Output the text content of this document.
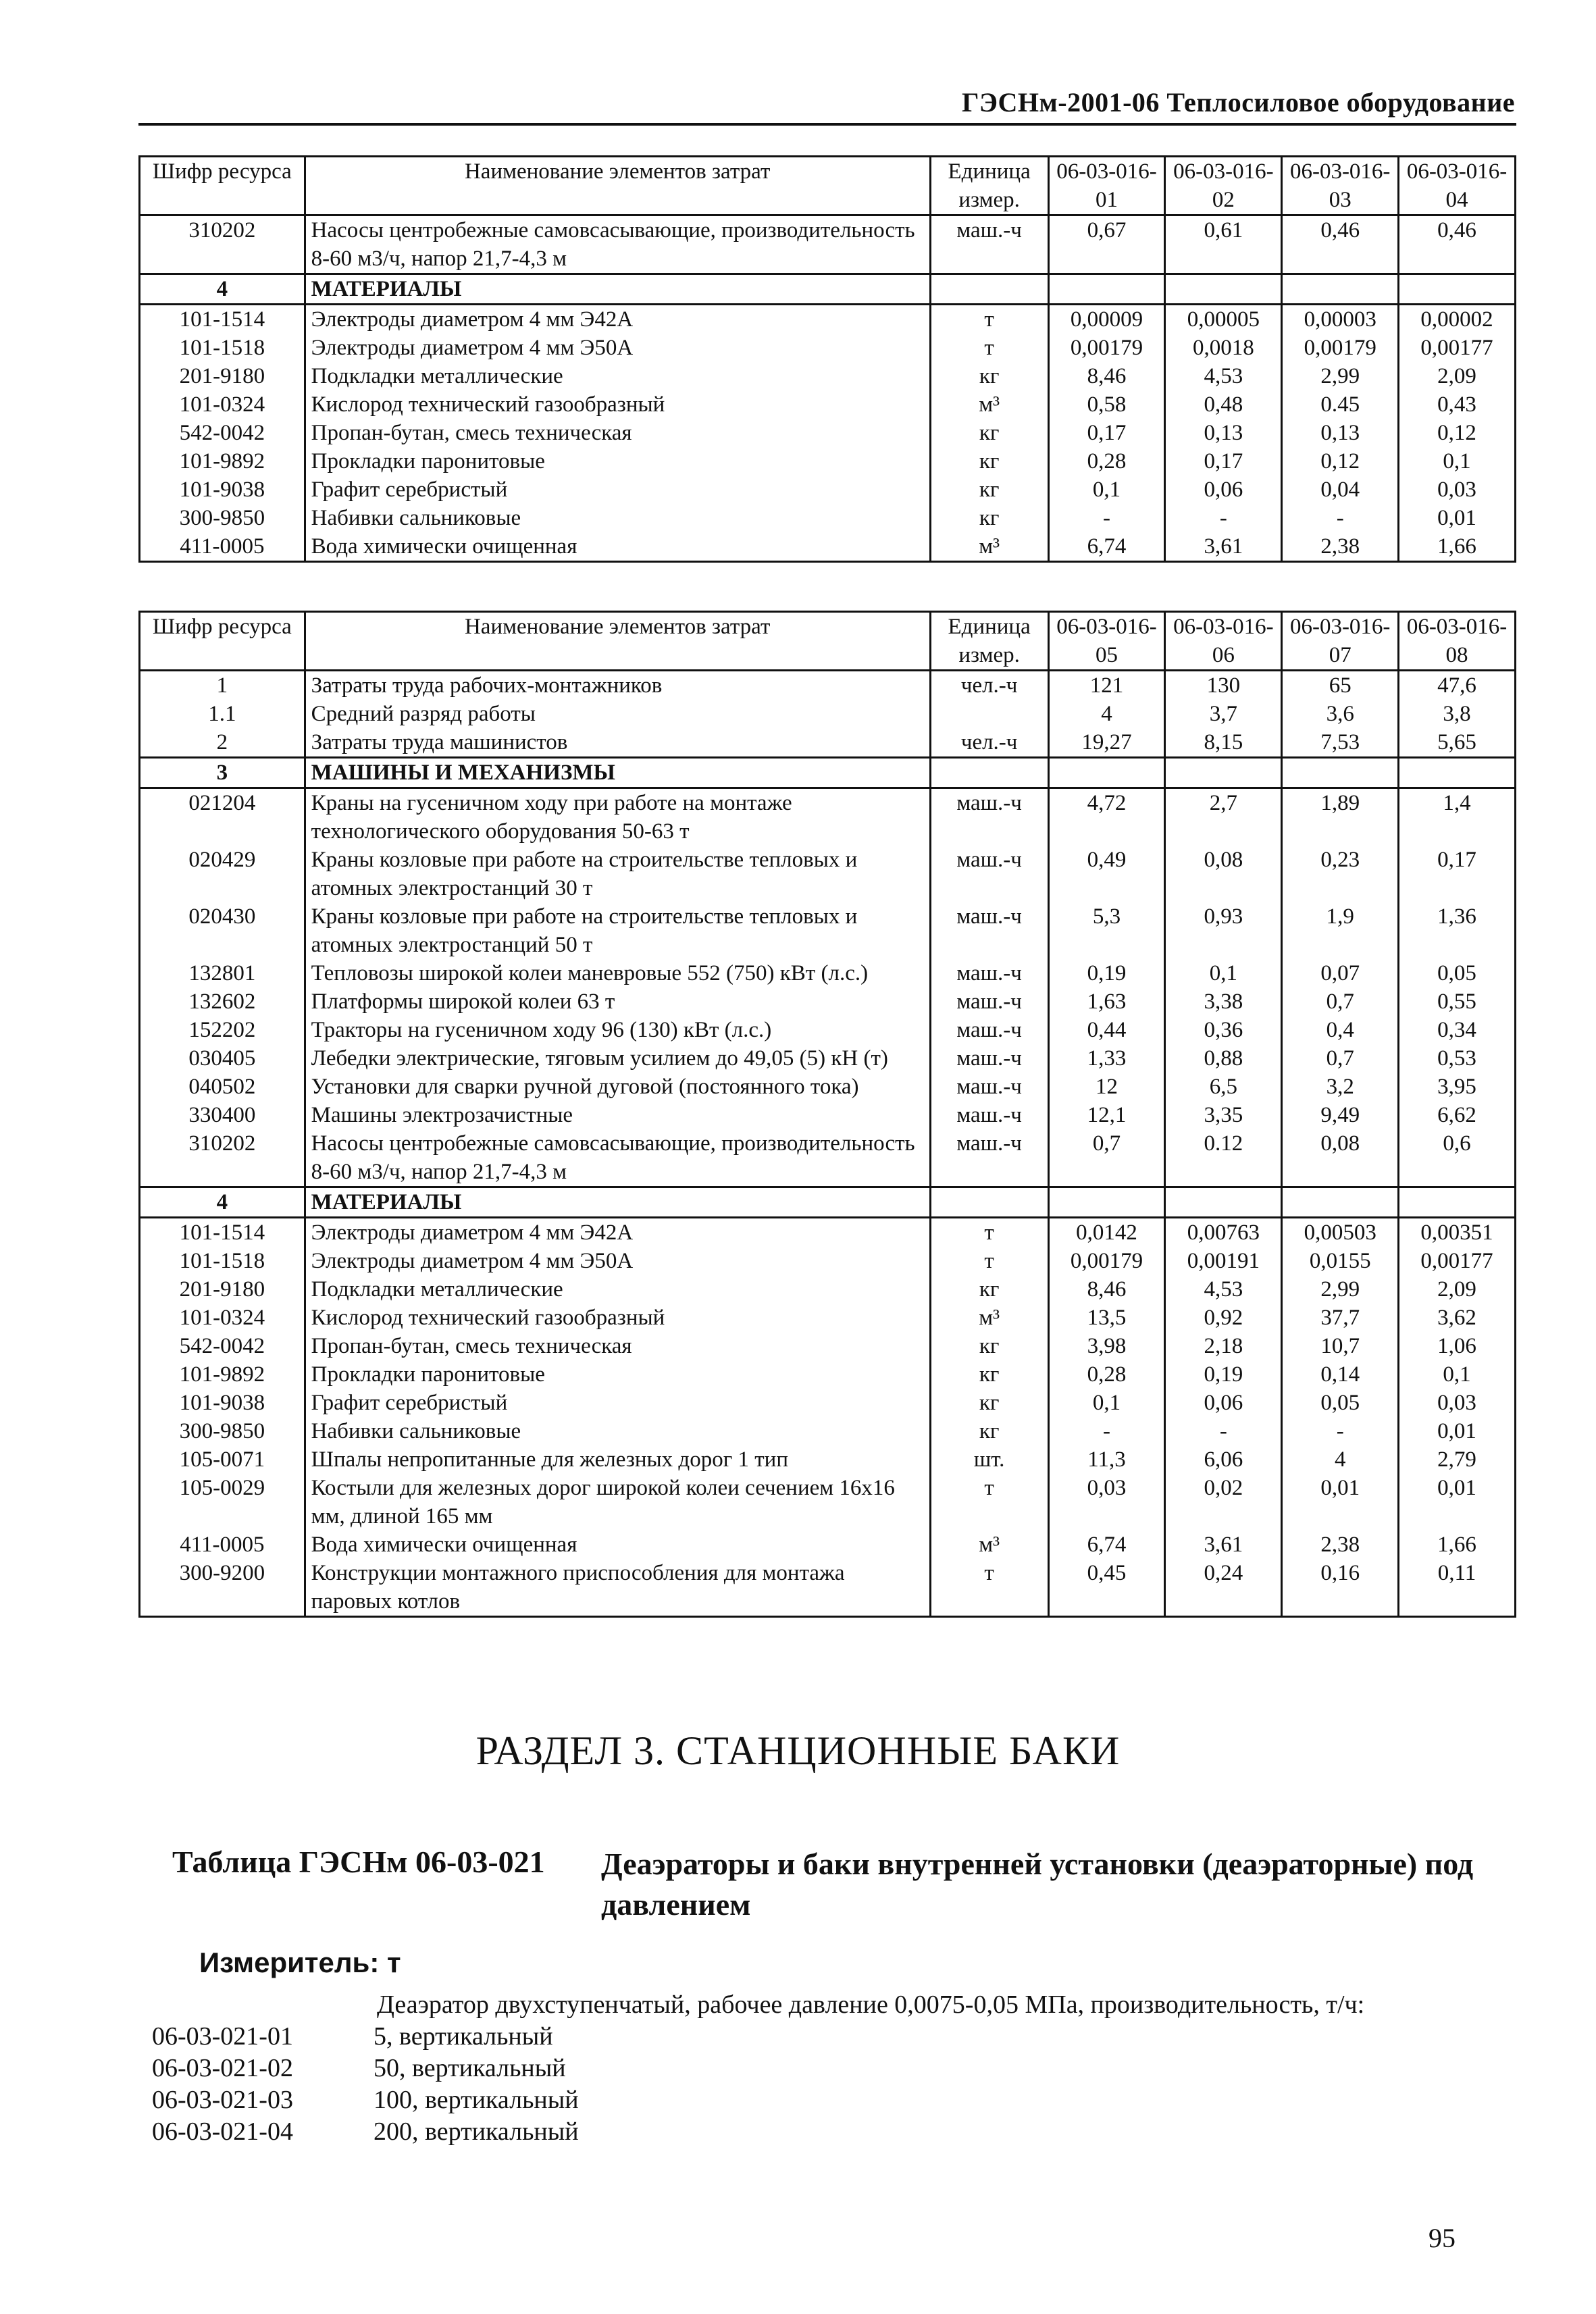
ГЭСНм-2001-06 Теплосиловое оборудование
Шифр ресурса	Наименование элементов затрат	Единица измер.	06-03-016-01	06-03-016-02	06-03-016-03	06-03-016-04
310202	Насосы центробежные самовсасывающие, производительность 8-60 м3/ч, напор 21,7-4,3 м	маш.-ч	0,67	0,61	0,46	0,46
4	МАТЕРИАЛЫ					
101-1514	Электроды диаметром 4 мм Э42А	т	0,00009	0,00005	0,00003	0,00002
101-1518	Электроды диаметром 4 мм Э50А	т	0,00179	0,0018	0,00179	0,00177
201-9180	Подкладки металлические	кг	8,46	4,53	2,99	2,09
101-0324	Кислород технический газообразный	м³	0,58	0,48	0.45	0,43
542-0042	Пропан-бутан, смесь техническая	кг	0,17	0,13	0,13	0,12
101-9892	Прокладки паронитовые	кг	0,28	0,17	0,12	0,1
101-9038	Графит серебристый	кг	0,1	0,06	0,04	0,03
300-9850	Набивки сальниковые	кг	-	-	-	0,01
411-0005	Вода химически очищенная	м³	6,74	3,61	2,38	1,66
Шифр ресурса	Наименование элементов затрат	Единица измер.	06-03-016-05	06-03-016-06	06-03-016-07	06-03-016-08
1	Затраты труда рабочих-монтажников	чел.-ч	121	130	65	47,6
1.1	Средний разряд работы		4	3,7	3,6	3,8
2	Затраты труда машинистов	чел.-ч	19,27	8,15	7,53	5,65
3	МАШИНЫ И МЕХАНИЗМЫ					
021204	Краны на гусеничном ходу при работе на монтаже технологического оборудования 50-63 т	маш.-ч	4,72	2,7	1,89	1,4
020429	Краны козловые при работе на строительстве тепловых и атомных электростанций 30 т	маш.-ч	0,49	0,08	0,23	0,17
020430	Краны козловые при работе на строительстве тепловых и атомных электростанций 50 т	маш.-ч	5,3	0,93	1,9	1,36
132801	Тепловозы широкой колеи маневровые 552 (750) кВт (л.с.)	маш.-ч	0,19	0,1	0,07	0,05
132602	Платформы широкой колеи 63 т	маш.-ч	1,63	3,38	0,7	0,55
152202	Тракторы на гусеничном ходу 96 (130) кВт (л.с.)	маш.-ч	0,44	0,36	0,4	0,34
030405	Лебедки электрические, тяговым усилием до 49,05 (5) кН (т)	маш.-ч	1,33	0,88	0,7	0,53
040502	Установки для сварки ручной дуговой (постоянного тока)	маш.-ч	12	6,5	3,2	3,95
330400	Машины электрозачистные	маш.-ч	12,1	3,35	9,49	6,62
310202	Насосы центробежные самовсасывающие, производительность 8-60 м3/ч, напор 21,7-4,3 м	маш.-ч	0,7	0.12	0,08	0,6
4	МАТЕРИАЛЫ					
101-1514	Электроды диаметром 4 мм Э42А	т	0,0142	0,00763	0,00503	0,00351
101-1518	Электроды диаметром 4 мм Э50А	т	0,00179	0,00191	0,0155	0,00177
201-9180	Подкладки металлические	кг	8,46	4,53	2,99	2,09
101-0324	Кислород технический газообразный	м³	13,5	0,92	37,7	3,62
542-0042	Пропан-бутан, смесь техническая	кг	3,98	2,18	10,7	1,06
101-9892	Прокладки паронитовые	кг	0,28	0,19	0,14	0,1
101-9038	Графит серебристый	кг	0,1	0,06	0,05	0,03
300-9850	Набивки сальниковые	кг	-	-	-	0,01
105-0071	Шпалы непропитанные для железных дорог 1 тип	шт.	11,3	6,06	4	2,79
105-0029	Костыли для железных дорог широкой колеи сечением 16х16 мм, длиной 165 мм	т	0,03	0,02	0,01	0,01
411-0005	Вода химически очищенная	м³	6,74	3,61	2,38	1,66
300-9200	Конструкции монтажного приспособления для монтажа паровых котлов	т	0,45	0,24	0,16	0,11
РАЗДЕЛ 3. СТАНЦИОННЫЕ БАКИ
Таблица ГЭСНм 06-03-021 Деаэраторы и баки внутренней установки (деаэраторные) под давлением
Измеритель: т
Деаэратор двухступенчатый, рабочее давление 0,0075-0,05 МПа, производительность, т/ч:
06-03-021-01	5, вертикальный
06-03-021-02	50, вертикальный
06-03-021-03	100, вертикальный
06-03-021-04	200, вертикальный
95
